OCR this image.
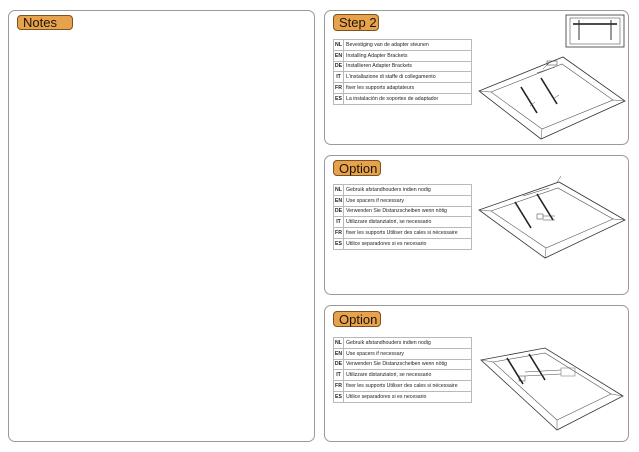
Notes	Step 2
NL	Bevestiging van de adapter steunen
EN	Installing Adapter Brackets
DE	Installieren Adapter Brackets
IT	L’installazione di staffe di collegamento
FR	fixer les supports adaptateurs
ES	La instalación de soportes de adaptador
Option
NL	Gebruik afstandhouders indien nodig
EN	Use spacers if necessary
DE	Verwenden Sie Distanzscheiben wenn nötig
IT	Utilizzare distanziatori, se necessario
FR	fixer les supports Utiliser des cales si nécessaire
ES	Utilice separadores si es necesario
Option
NL	Gebruik afstandhouders indien nodig
EN	Use spacers if necessary
DE	Verwenden Sie Distanzscheiben wenn nötig
IT	Utilizzare distanziatori, se necessario
FR	fixer les supports Utiliser des cales si nécessaire
ES	Utilice separadores si es necesario
